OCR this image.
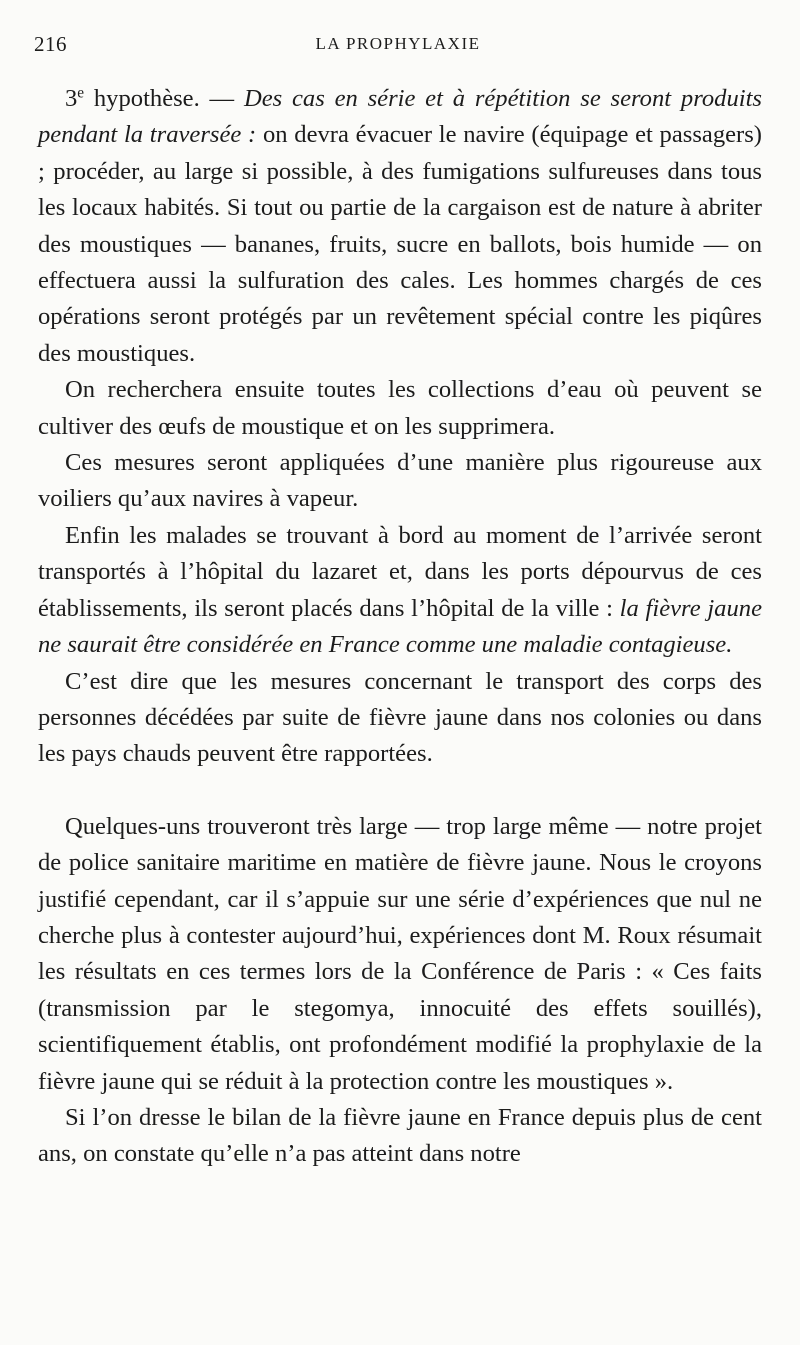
216	LA PROPHYLAXIE

3e hypothèse. — Des cas en série et à répétition se seront produits pendant la traversée : on devra évacuer le navire (équipage et passagers) ; procéder, au large si possible, à des fumigations sulfureuses dans tous les locaux habités. Si tout ou partie de la cargaison est de nature à abriter des moustiques — bananes, fruits, sucre en ballots, bois humide — on effectuera aussi la sulfuration des cales. Les hommes chargés de ces opérations seront protégés par un revêtement spécial contre les piqûres des moustiques.

On recherchera ensuite toutes les collections d’eau où peuvent se cultiver des œufs de moustique et on les supprimera.

Ces mesures seront appliquées d’une manière plus rigoureuse aux voiliers qu’aux navires à vapeur.

Enfin les malades se trouvant à bord au moment de l’arrivée seront transportés à l’hôpital du lazaret et, dans les ports dépourvus de ces établissements, ils seront placés dans l’hôpital de la ville : la fièvre jaune ne saurait être considérée en France comme une maladie contagieuse.

C’est dire que les mesures concernant le transport des corps des personnes décédées par suite de fièvre jaune dans nos colonies ou dans les pays chauds peuvent être rapportées.

Quelques-uns trouveront très large — trop large même — notre projet de police sanitaire maritime en matière de fièvre jaune. Nous le croyons justifié cependant, car il s’appuie sur une série d’expériences que nul ne cherche plus à contester aujourd’hui, expériences dont M. Roux résumait les résultats en ces termes lors de la Conférence de Paris : « Ces faits (transmission par le stegomya, innocuité des effets souillés), scientifiquement établis, ont profondément modifié la prophylaxie de la fièvre jaune qui se réduit à la protection contre les moustiques ».

Si l’on dresse le bilan de la fièvre jaune en France depuis plus de cent ans, on constate qu’elle n’a pas atteint dans notre
